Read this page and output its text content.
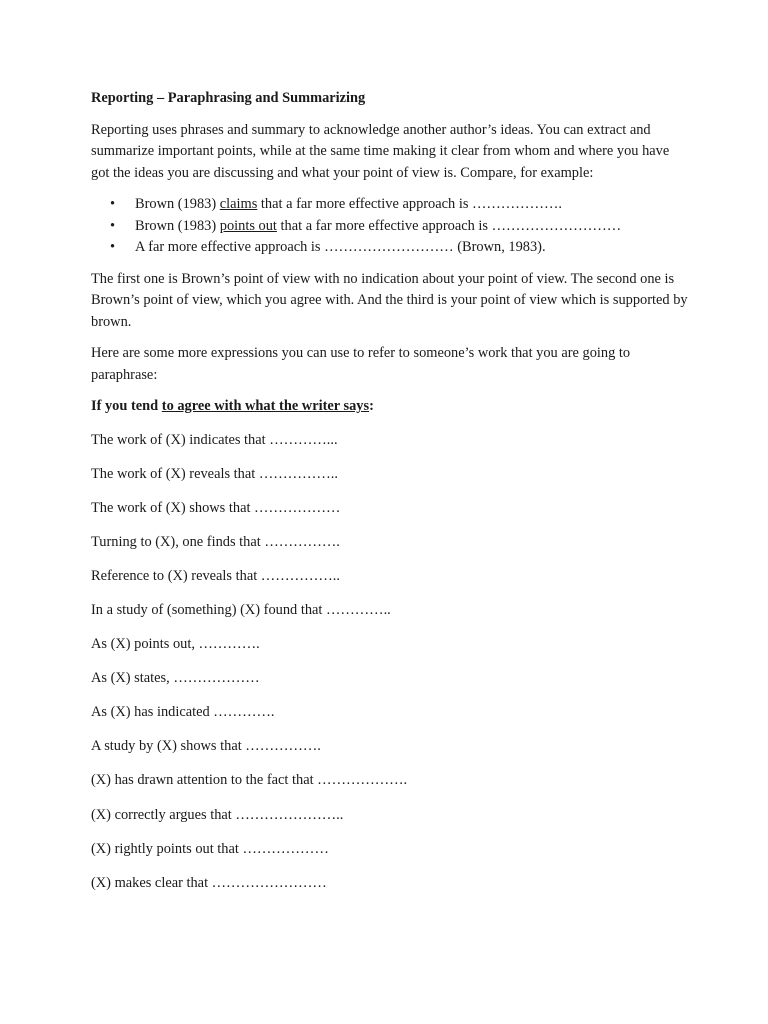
Reporting – Paraphrasing and Summarizing

Reporting uses phrases and summary to acknowledge another author’s ideas. You can extract and summarize important points, while at the same time making it clear from whom and where you have got the ideas you are discussing and what your point of view is. Compare, for example:

• Brown (1983) claims that a far more effective approach is ……………….
• Brown (1983) points out that a far more effective approach is ………………………
• A far more effective approach is ……………………… (Brown, 1983).

The first one is Brown’s point of view with no indication about your point of view. The second one is Brown’s point of view, which you agree with. And the third is your point of view which is supported by brown.

Here are some more expressions you can use to refer to someone’s work that you are going to paraphrase:

If you tend to agree with what the writer says:

The work of (X) indicates that …………...

The work of (X) reveals that ……………..

The work of (X) shows that ………………

Turning to (X), one finds that …………….

Reference to (X) reveals that ……………..

In a study of (something) (X) found that …………..

As (X) points out, ………….

As (X) states, ………………

As (X) has indicated ………….

A study by (X) shows that …………….

(X) has drawn attention to the fact that ……………….

(X) correctly argues that …………………..

(X) rightly points out that ………………

(X) makes clear that ……………………
